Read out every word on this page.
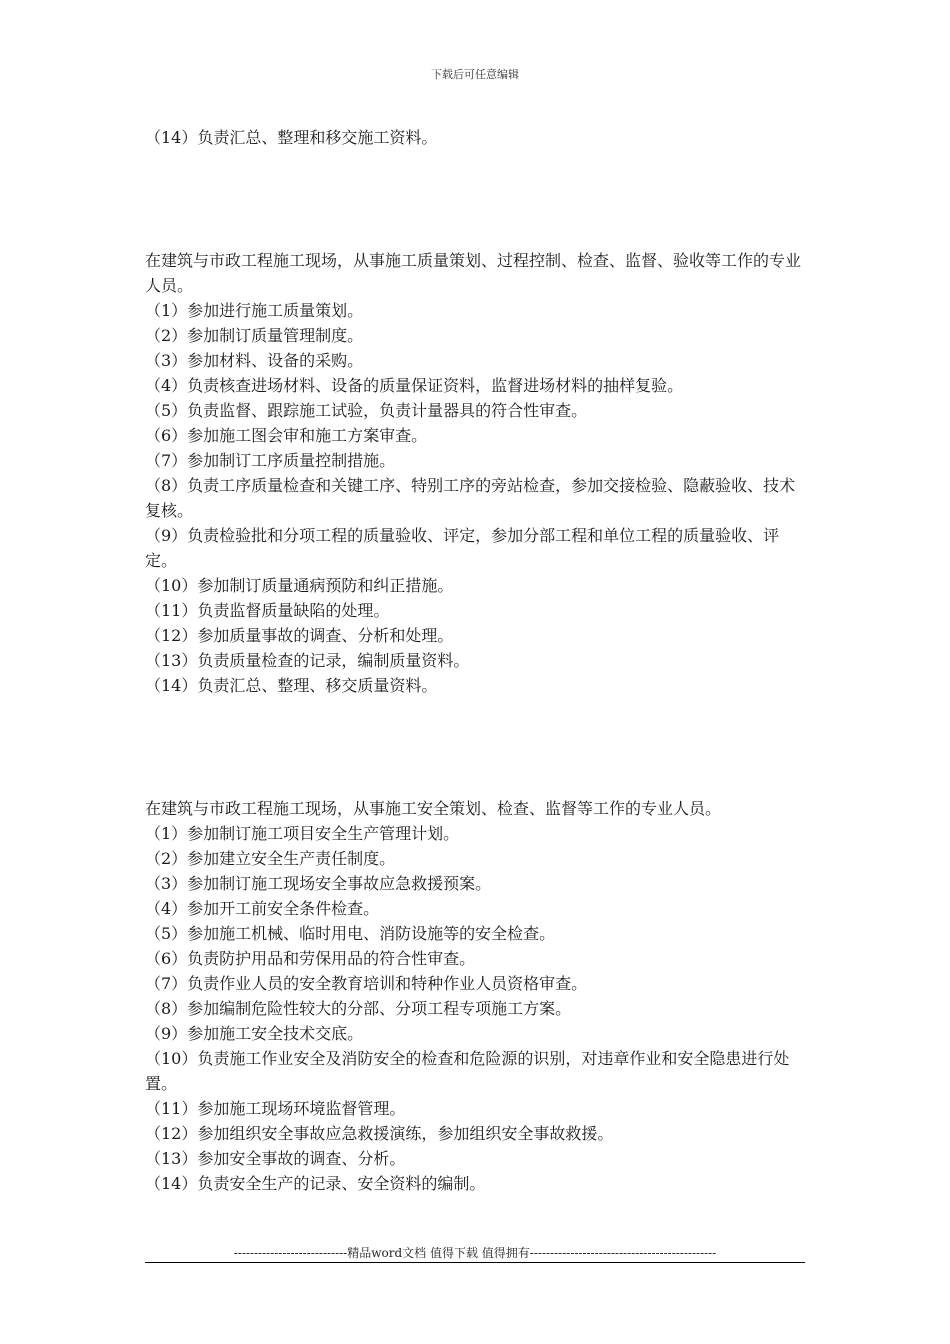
下载后可任意编辑

（14）负责汇总、整理和移交施工资料。

在建筑与市政工程施工现场，从事施工质量策划、过程控制、检查、监督、验收等工作的专业人员。

（1）参加进行施工质量策划。

（2）参加制订质量管理制度。

（3）参加材料、设备的采购。

（4）负责核查进场材料、设备的质量保证资料，监督进场材料的抽样复验。

（5）负责监督、跟踪施工试验，负责计量器具的符合性审查。

（6）参加施工图会审和施工方案审查。

（7）参加制订工序质量控制措施。

（8）负责工序质量检查和关键工序、特别工序的旁站检查，参加交接检验、隐蔽验收、技术复核。

（9）负责检验批和分项工程的质量验收、评定，参加分部工程和单位工程的质量验收、评定。

（10）参加制订质量通病预防和纠正措施。

（11）负责监督质量缺陷的处理。

（12）参加质量事故的调查、分析和处理。

（13）负责质量检查的记录，编制质量资料。

（14）负责汇总、整理、移交质量资料。

在建筑与市政工程施工现场，从事施工安全策划、检查、监督等工作的专业人员。

（1）参加制订施工项目安全生产管理计划。

（2）参加建立安全生产责任制度。

（3）参加制订施工现场安全事故应急救援预案。

（4）参加开工前安全条件检查。

（5）参加施工机械、临时用电、消防设施等的安全检查。

（6）负责防护用品和劳保用品的符合性审查。

（7）负责作业人员的安全教育培训和特种作业人员资格审查。

（8）参加编制危险性较大的分部、分项工程专项施工方案。

（9）参加施工安全技术交底。

（10）负责施工作业安全及消防安全的检查和危险源的识别，对违章作业和安全隐患进行处置。

（11）参加施工现场环境监督管理。

（12）参加组织安全事故应急救援演练，参加组织安全事故救援。

（13）参加安全事故的调查、分析。

（14）负责安全生产的记录、安全资料的编制。

----------------------------精品word文档 值得下载 值得拥有----------------------------------------------
